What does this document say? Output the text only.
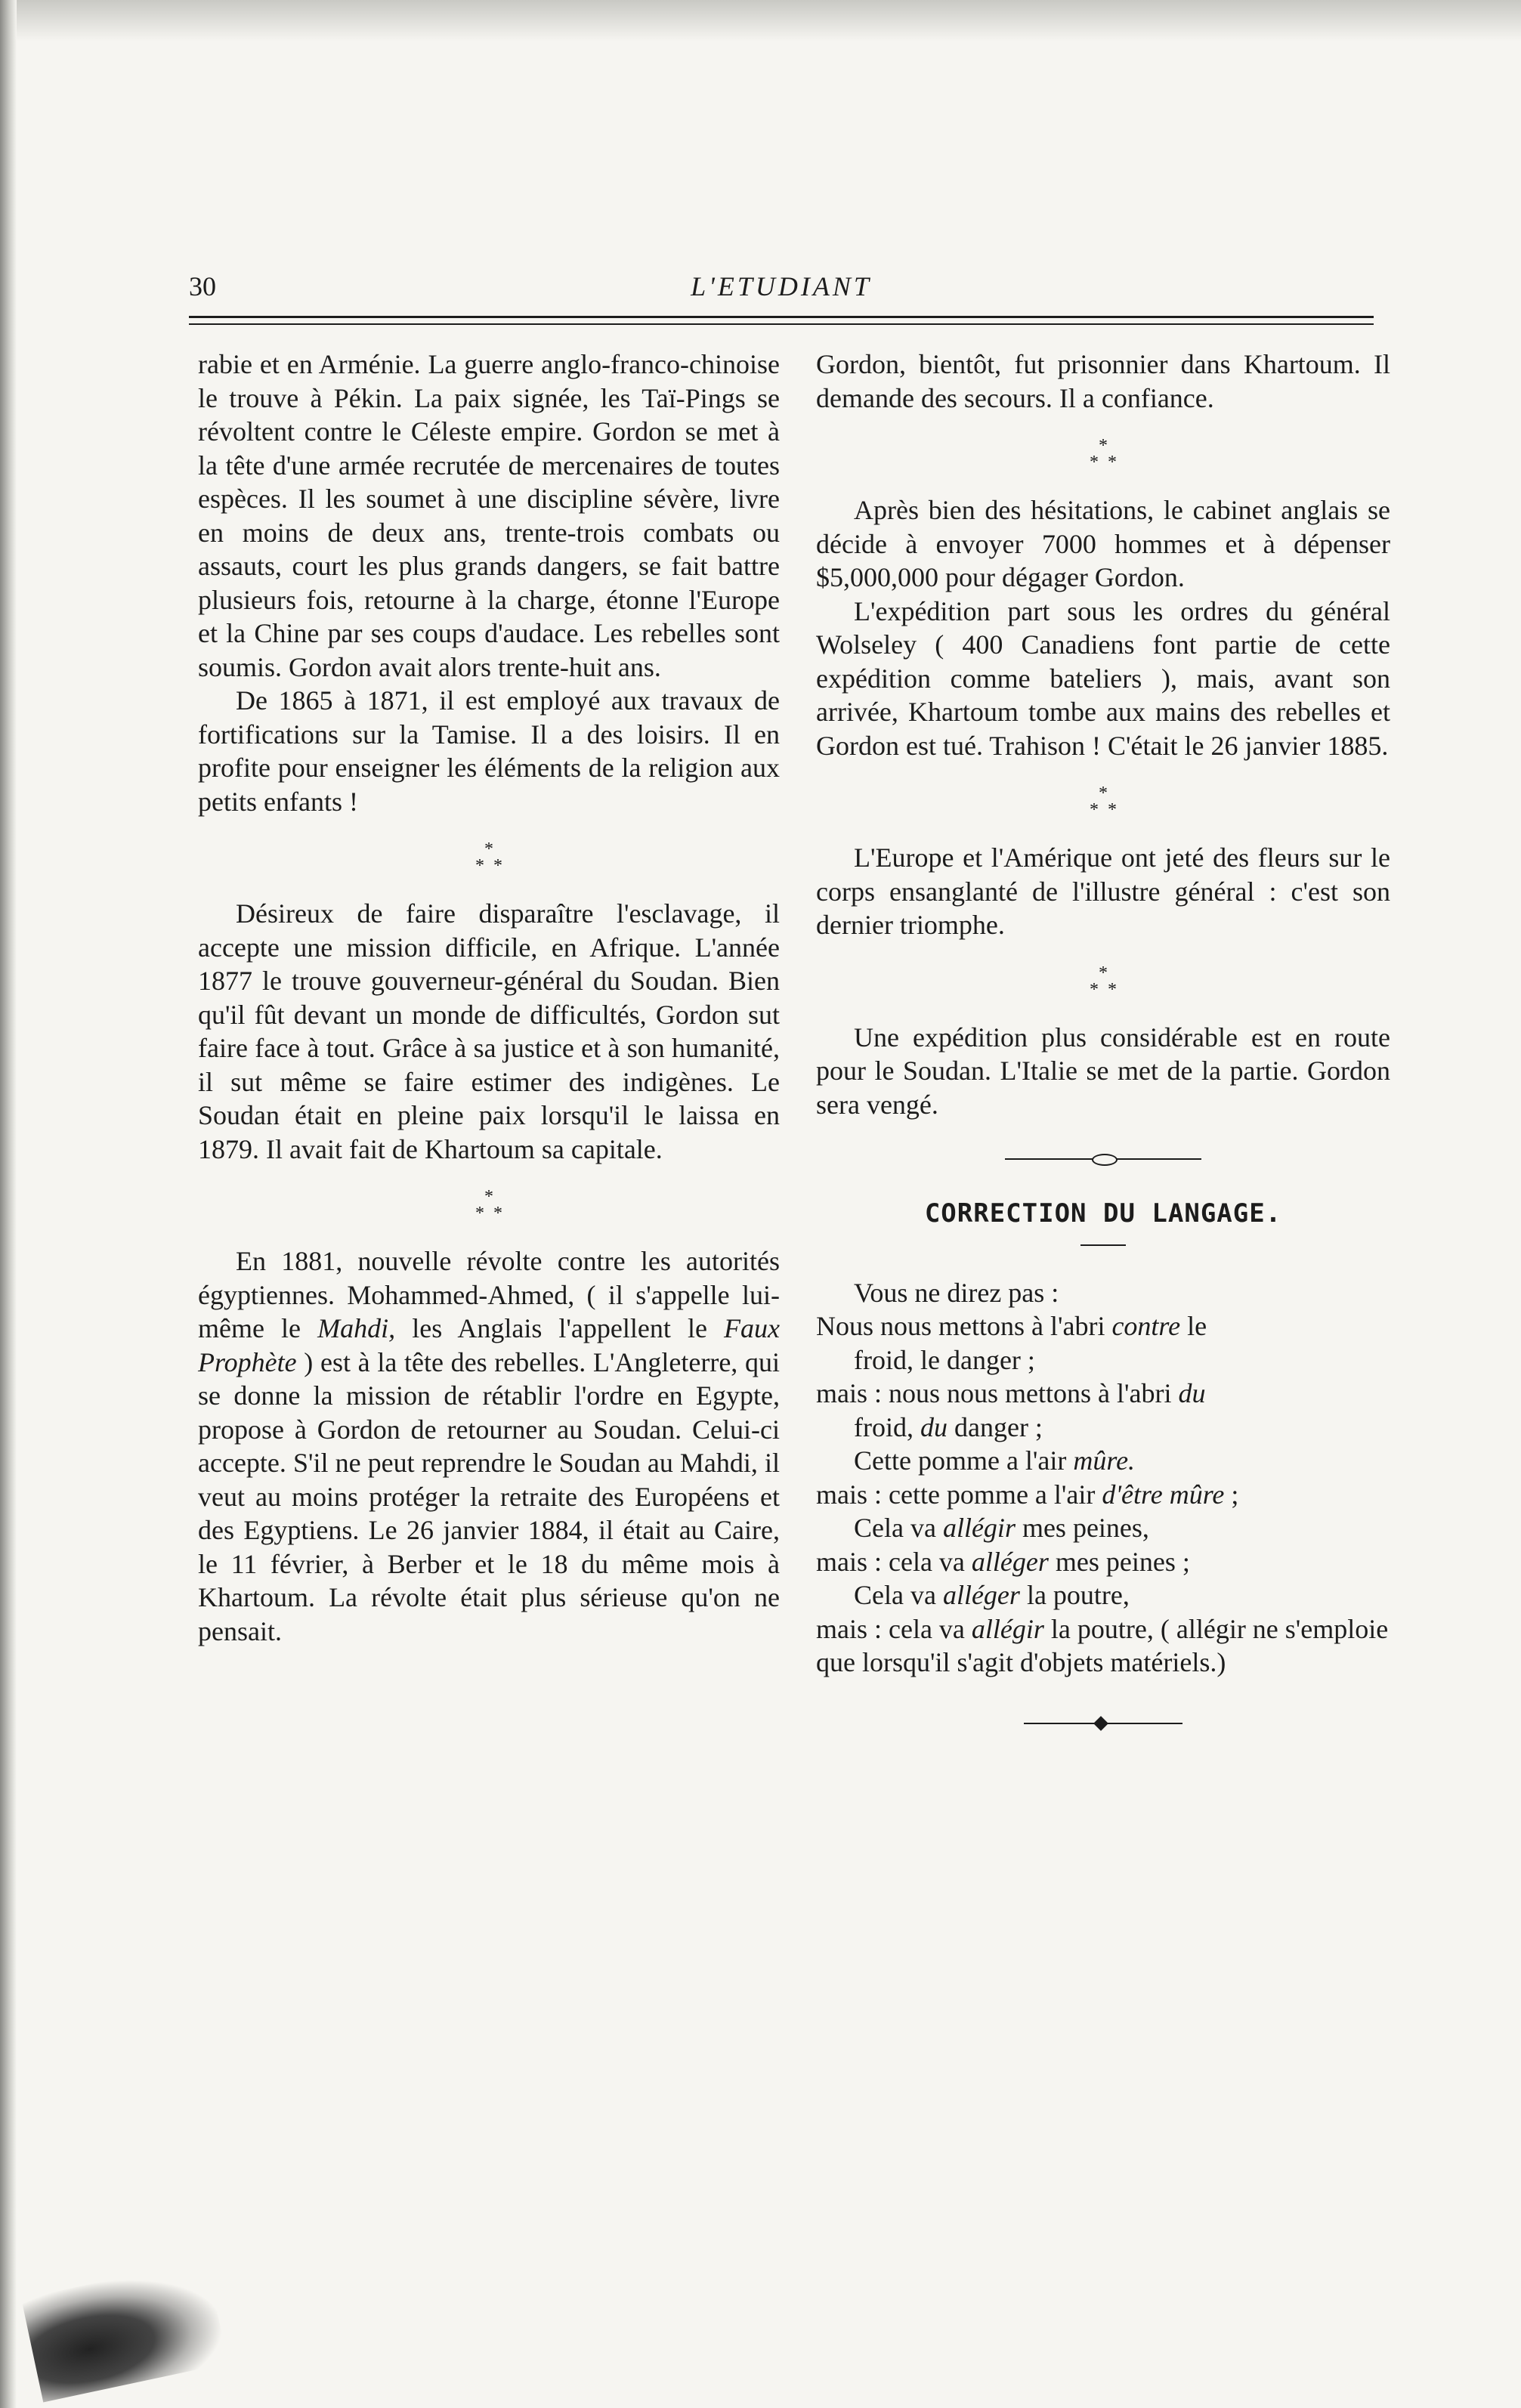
30	L'ETUDIANT

rabie et en Arménie. La guerre anglo-franco-chinoise le trouve à Pékin. La paix signée, les Taï-Pings se révoltent contre le Céleste empire. Gordon se met à la tête d'une armée recrutée de mercenaires de toutes espèces. Il les soumet à une discipline sévère, livre en moins de deux ans, trente-trois combats ou assauts, court les plus grands dangers, se fait battre plusieurs fois, retourne à la charge, étonne l'Europe et la Chine par ses coups d'audace. Les rebelles sont soumis. Gordon avait alors trente-huit ans.

De 1865 à 1871, il est employé aux travaux de fortifications sur la Tamise. Il a des loisirs. Il en profite pour enseigner les éléments de la religion aux petits enfants !

*
*  *

Désireux de faire disparaître l'esclavage, il accepte une mission difficile, en Afrique. L'année 1877 le trouve gouverneur-général du Soudan. Bien qu'il fût devant un monde de difficultés, Gordon sut faire face à tout. Grâce à sa justice et à son humanité, il sut même se faire estimer des indigènes. Le Soudan était en pleine paix lorsqu'il le laissa en 1879. Il avait fait de Khartoum sa capitale.

*
*  *

En 1881, nouvelle révolte contre les autorités égyptiennes. Mohammed-Ahmed, ( il s'appelle lui-même le Mahdi, les Anglais l'appellent le Faux Prophète ) est à la tête des rebelles. L'Angleterre, qui se donne la mission de rétablir l'ordre en Egypte, propose à Gordon de retourner au Soudan. Celui-ci accepte. S'il ne peut reprendre le Soudan au Mahdi, il veut au moins protéger la retraite des Européens et des Egyptiens. Le 26 janvier 1884, il était au Caire, le 11 février, à Berber et le 18 du même mois à Khartoum. La révolte était plus sérieuse qu'on ne pensait.

Gordon, bientôt, fut prisonnier dans Khartoum. Il demande des secours. Il a confiance.

*
*  *

Après bien des hésitations, le cabinet anglais se décide à envoyer 7000 hommes et à dépenser $5,000,000 pour dégager Gordon.

L'expédition part sous les ordres du général Wolseley ( 400 Canadiens font partie de cette expédition comme bateliers ), mais, avant son arrivée, Khartoum tombe aux mains des rebelles et Gordon est tué. Trahison ! C'était le 26 janvier 1885.

*
*  *

L'Europe et l'Amérique ont jeté des fleurs sur le corps ensanglanté de l'illustre général : c'est son dernier triomphe.

*
*  *

Une expédition plus considérable est en route pour le Soudan. L'Italie se met de la partie. Gordon sera vengé.

CORRECTION DU LANGAGE.

Vous ne direz pas :

Nous nous mettons à l'abri contre le

froid, le danger ;

mais : nous nous mettons à l'abri du

froid, du danger ;

Cette pomme a l'air mûre.

mais : cette pomme a l'air d'être mûre ;

Cela va allégir mes peines,

mais : cela va alléger mes peines ;

Cela va alléger la poutre,

mais : cela va allégir la poutre, ( allégir ne s'emploie que lorsqu'il s'agit d'objets matériels.)
